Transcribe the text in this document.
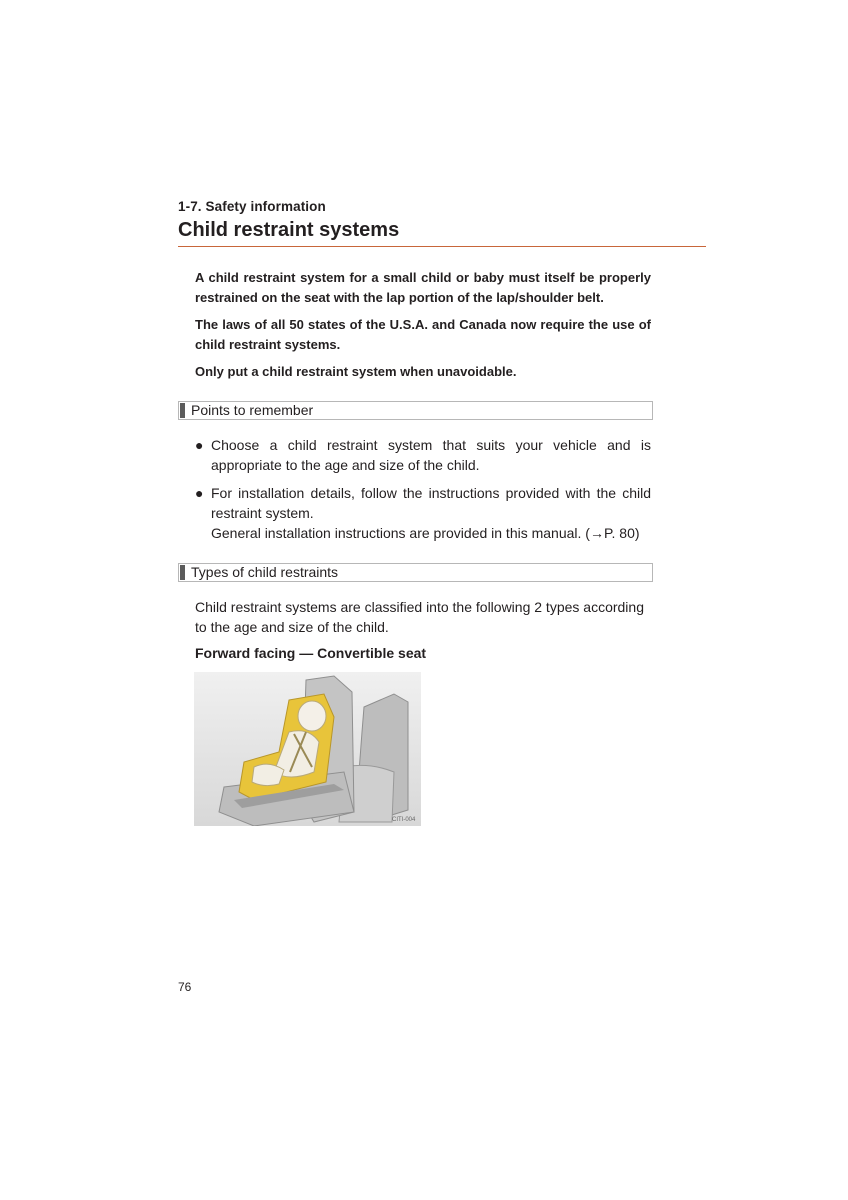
1-7. Safety information
Child restraint systems

A child restraint system for a small child or baby must itself be properly restrained on the seat with the lap portion of the lap/shoulder belt.

The laws of all 50 states of the U.S.A. and Canada now require the use of child restraint systems.

Only put a child restraint system when unavoidable.

Points to remember
● Choose a child restraint system that suits your vehicle and is appropriate to the age and size of the child.
● For installation details, follow the instructions provided with the child restraint system.
General installation instructions are provided in this manual. (→P. 80)
Types of child restraints
Child restraint systems are classified into the following 2 types according to the age and size of the child.
Forward facing — Convertible seat
CITI-004
76
